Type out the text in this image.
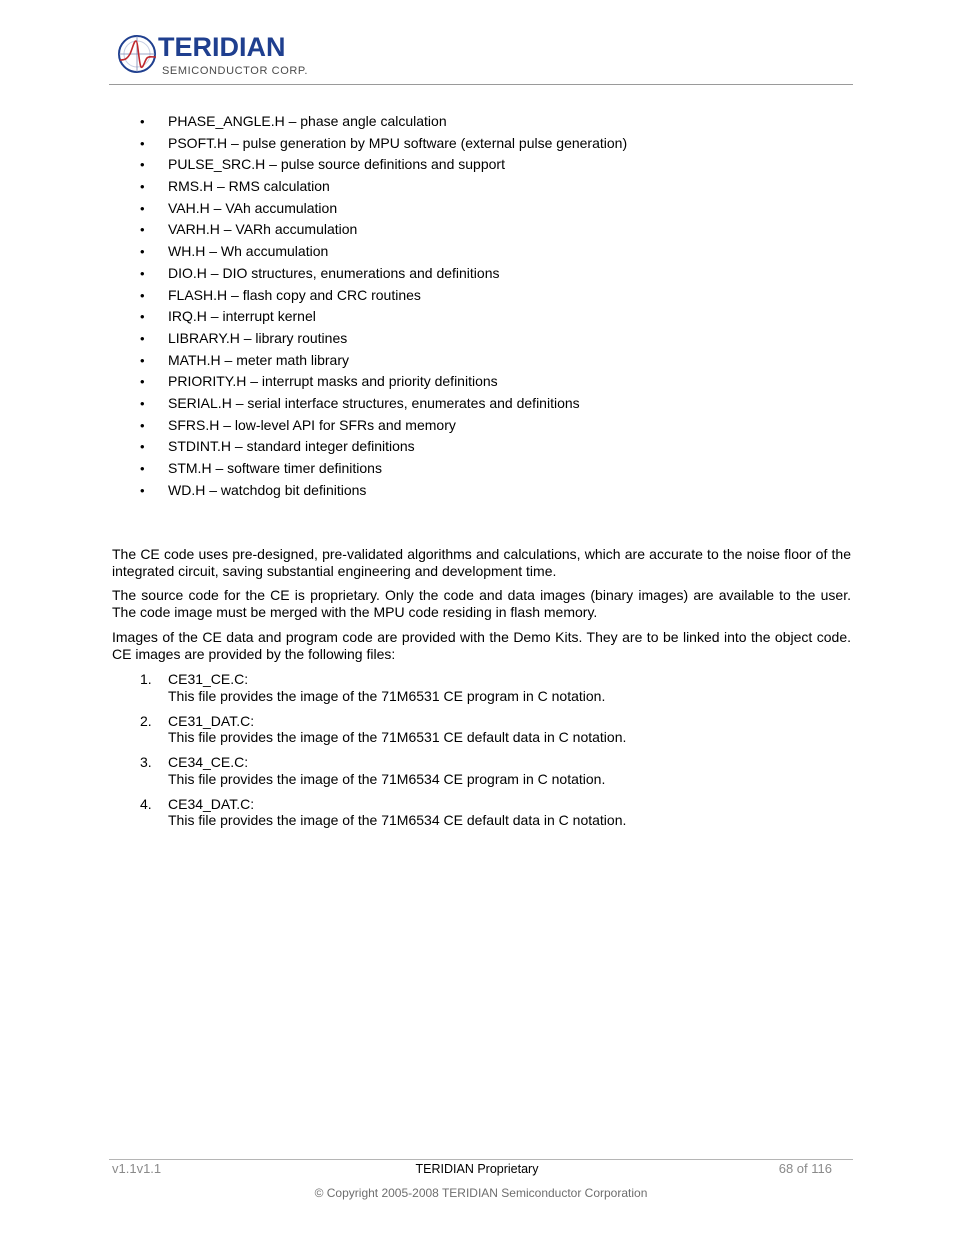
TERIDIAN
SEMICONDUCTOR CORP.
• PHASE_ANGLE.H – phase angle calculation
• PSOFT.H – pulse generation by MPU software (external pulse generation)
• PULSE_SRC.H – pulse source definitions and support
• RMS.H – RMS calculation
• VAH.H – VAh accumulation
• VARH.H – VARh accumulation
• WH.H – Wh accumulation
• DIO.H – DIO structures, enumerations and definitions
• FLASH.H – flash copy and CRC routines
• IRQ.H – interrupt kernel
• LIBRARY.H – library routines
• MATH.H – meter math library
• PRIORITY.H – interrupt masks and priority definitions
• SERIAL.H – serial interface structures, enumerates and definitions
• SFRS.H – low-level API for SFRs and memory
• STDINT.H – standard integer definitions
• STM.H – software timer definitions
• WD.H – watchdog bit definitions

The CE code uses pre-designed, pre-validated algorithms and calculations, which are accurate to the noise floor of the integrated circuit, saving substantial engineering and development time.

The source code for the CE is proprietary. Only the code and data images (binary images) are available to the user. The code image must be merged with the MPU code residing in flash memory.

Images of the CE data and program code are provided with the Demo Kits. They are to be linked into the object code. CE images are provided by the following files:

1. CE31_CE.C:
This file provides the image of the 71M6531 CE program in C notation.
2. CE31_DAT.C:
This file provides the image of the 71M6531 CE default data in C notation.
3. CE34_CE.C:
This file provides the image of the 71M6534 CE program in C notation.
4. CE34_DAT.C:
This file provides the image of the 71M6534 CE default data in C notation.
v1.1v1.1	TERIDIAN Proprietary	68 of 116
© Copyright 2005-2008 TERIDIAN Semiconductor Corporation
